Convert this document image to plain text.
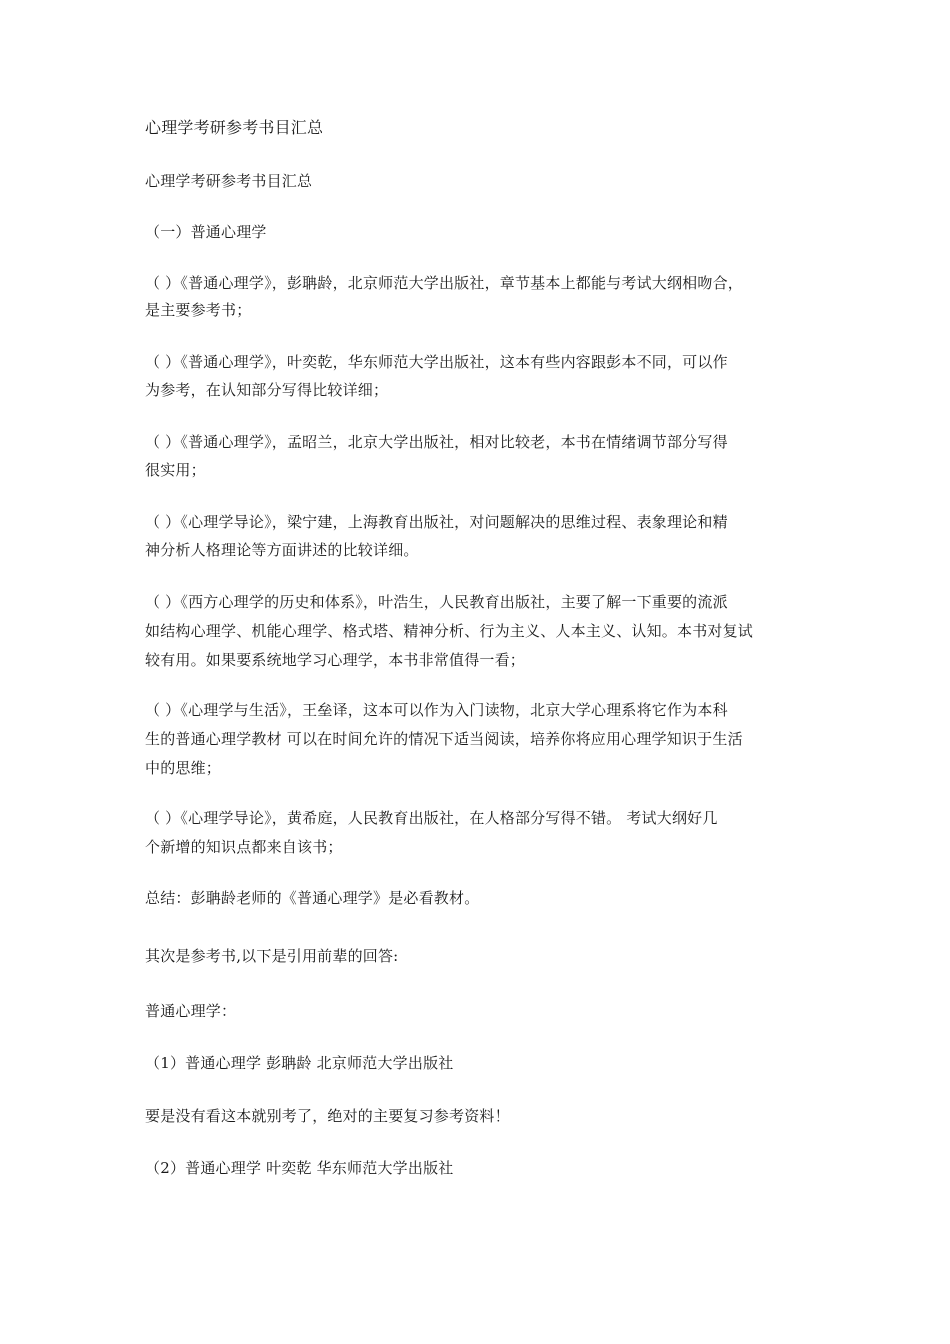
心理学考研参考书目汇总
心理学考研参考书目汇总
（一）普通心理学
（ ）《普通心理学》，彭聃龄，北京师范大学出版社，章节基本上都能与考试大纲相吻合，
是主要参考书；
（ ）《普通心理学》，叶奕乾，华东师范大学出版社，这本有些内容跟彭本不同，可以作
为参考，在认知部分写得比较详细；
（ ）《普通心理学》，孟昭兰，北京大学出版社，相对比较老，本书在情绪调节部分写得
很实用；
（ ）《心理学导论》，梁宁建，上海教育出版社，对问题解决的思维过程、表象理论和精
神分析人格理论等方面讲述的比较详细。
（ ）《西方心理学的历史和体系》，叶浩生，人民教育出版社，主要了解一下重要的流派
如结构心理学、机能心理学、格式塔、精神分析、行为主义、人本主义、认知。本书对复试
较有用。如果要系统地学习心理学，本书非常值得一看；
（ ）《心理学与生活》，王垒译，这本可以作为入门读物，北京大学心理系将它作为本科
生的普通心理学教材 可以在时间允许的情况下适当阅读，培养你将应用心理学知识于生活
中的思维；
（ ）《心理学导论》，黄希庭，人民教育出版社，在人格部分写得不错。 考试大纲好几
个新增的知识点都来自该书；
总结：彭聃龄老师的《普通心理学》是必看教材。
其次是参考书,以下是引用前辈的回答:
普通心理学：
（1）普通心理学 彭聃龄 北京师范大学出版社
要是没有看这本就别考了，绝对的主要复习参考资料！
（2）普通心理学 叶奕乾 华东师范大学出版社
